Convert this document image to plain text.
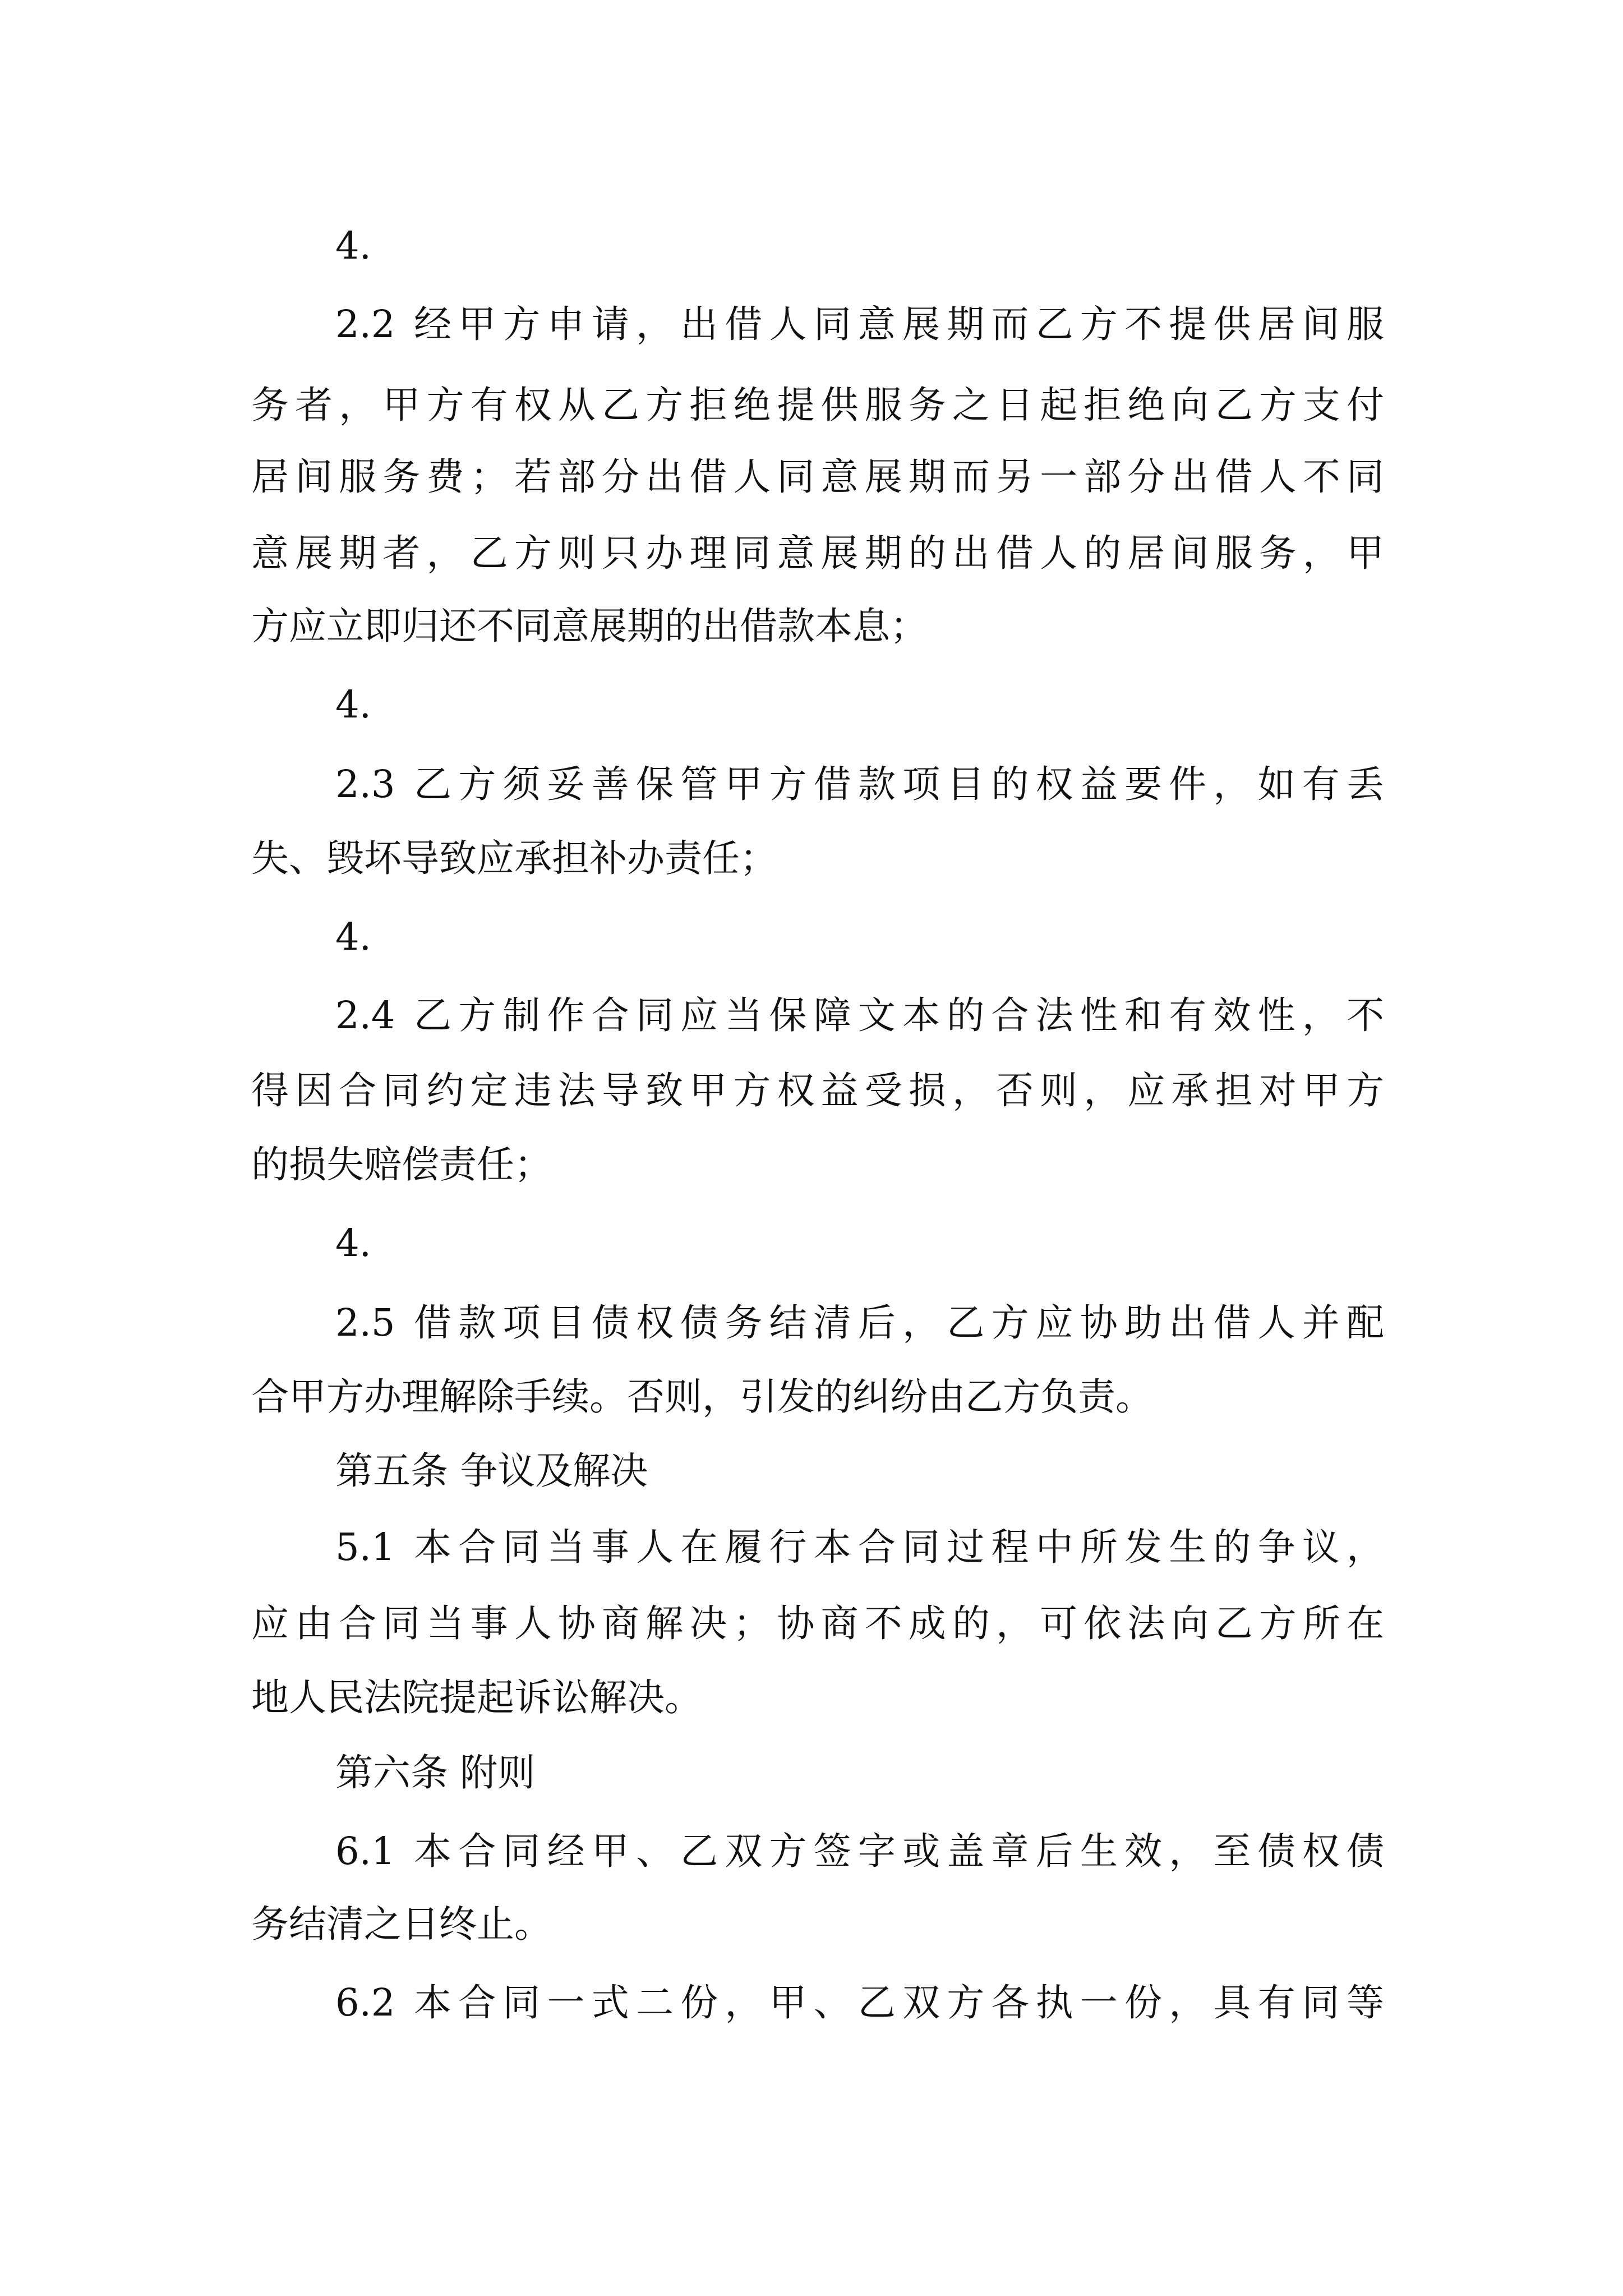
4.
2.2 经甲方申请，出借人同意展期而乙方不提供居间服
务者，甲方有权从乙方拒绝提供服务之日起拒绝向乙方支付
居间服务费；若部分出借人同意展期而另一部分出借人不同
意展期者，乙方则只办理同意展期的出借人的居间服务，甲
方应立即归还不同意展期的出借款本息；
4.
2.3 乙方须妥善保管甲方借款项目的权益要件，如有丢
失、毁坏导致应承担补办责任；
4.
2.4 乙方制作合同应当保障文本的合法性和有效性，不
得因合同约定违法导致甲方权益受损，否则，应承担对甲方
的损失赔偿责任；
4.
2.5 借款项目债权债务结清后，乙方应协助出借人并配
合甲方办理解除手续。否则，引发的纠纷由乙方负责。
第五条 争议及解决
5.1 本合同当事人在履行本合同过程中所发生的争议，
应由合同当事人协商解决；协商不成的，可依法向乙方所在
地人民法院提起诉讼解决。
第六条 附则
6.1 本合同经甲、乙双方签字或盖章后生效，至债权债
务结清之日终止。
6.2 本合同一式二份，甲、乙双方各执一份，具有同等
